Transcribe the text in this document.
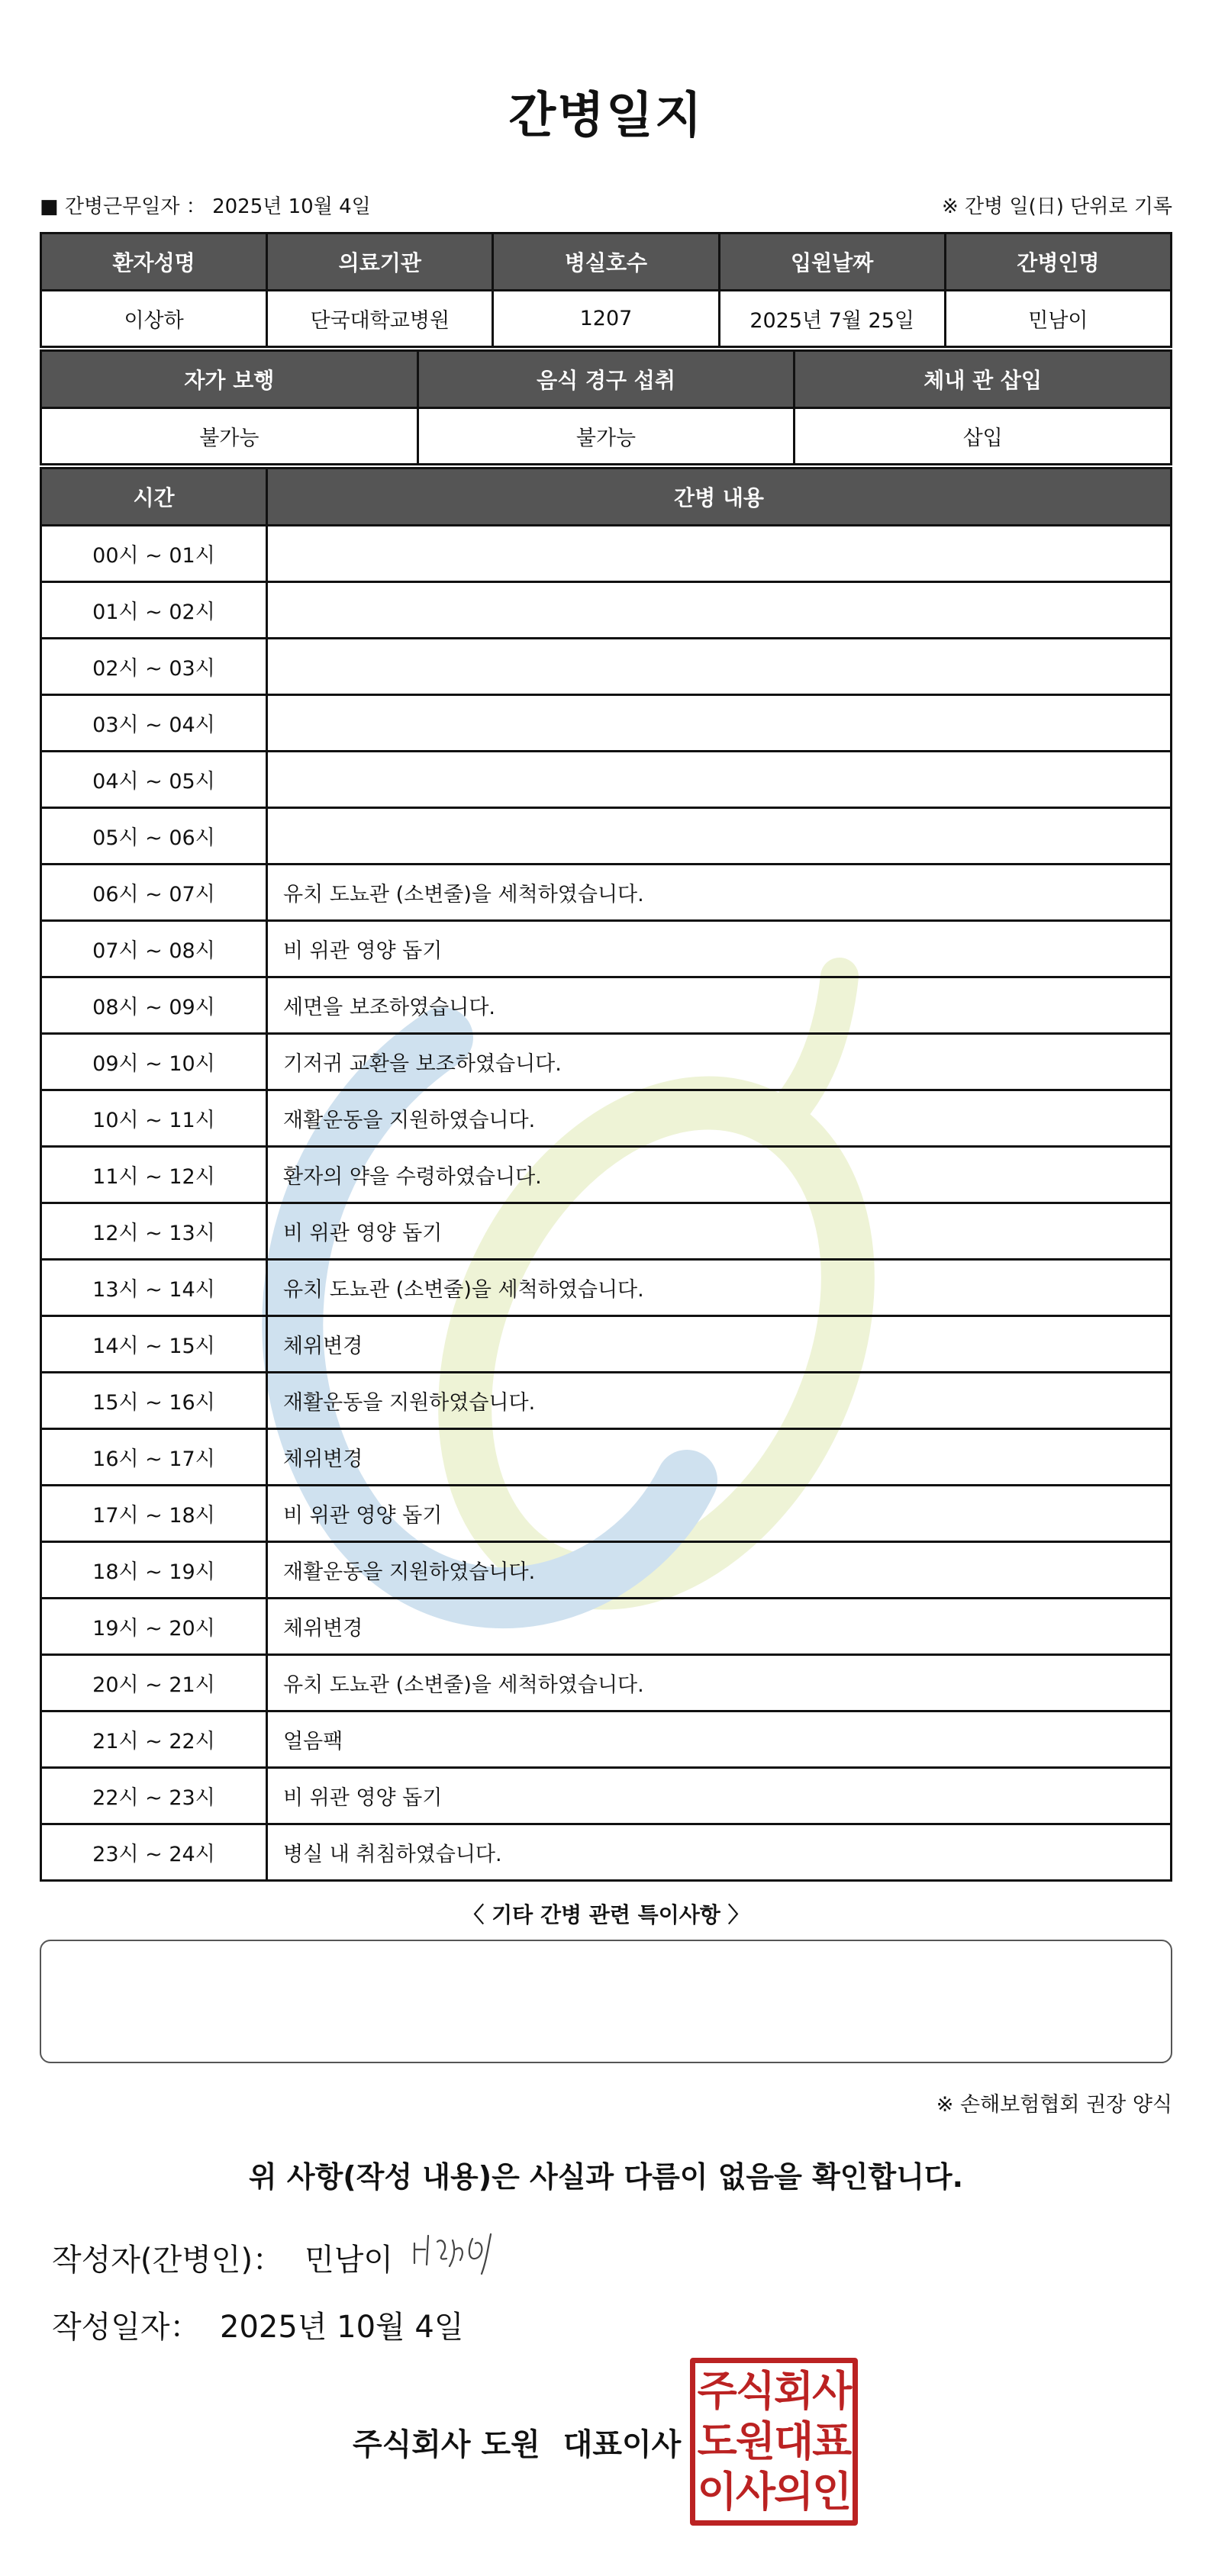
간병일지
■ 간병근무일자 ： 2025년 10월 4일	※ 간병 일(日) 단위로 기록
환자성명	의료기관	병실호수	입원날짜	간병인명
이상하	단국대학교병원	1207	2025년 7월 25일	민남이
자가 보행	음식 경구 섭취	체내 관 삽입
불가능	불가능	삽입
시간	간병 내용
00시 ~ 01시	
01시 ~ 02시	
02시 ~ 03시	
03시 ~ 04시	
04시 ~ 05시	
05시 ~ 06시	
06시 ~ 07시	유치 도뇨관 (소변줄)을 세척하였습니다.
07시 ~ 08시	비 위관 영양 돕기
08시 ~ 09시	세면을 보조하였습니다.
09시 ~ 10시	기저귀 교환을 보조하였습니다.
10시 ~ 11시	재활운동을 지원하였습니다.
11시 ~ 12시	환자의 약을 수령하였습니다.
12시 ~ 13시	비 위관 영양 돕기
13시 ~ 14시	유치 도뇨관 (소변줄)을 세척하였습니다.
14시 ~ 15시	체위변경
15시 ~ 16시	재활운동을 지원하였습니다.
16시 ~ 17시	체위변경
17시 ~ 18시	비 위관 영양 돕기
18시 ~ 19시	재활운동을 지원하였습니다.
19시 ~ 20시	체위변경
20시 ~ 21시	유치 도뇨관 (소변줄)을 세척하였습니다.
21시 ~ 22시	얼음팩
22시 ~ 23시	비 위관 영양 돕기
23시 ~ 24시	병실 내 취침하였습니다.
〈 기타 간병 관련 특이사항 〉
※ 손해보험협회 권장 양식
위 사항(작성 내용)은 사실과 다름이 없음을 확인합니다.
작성자(간병인)： 민남이
작성일자： 2025년 10월 4일
주식회사 도원 대표이사
주식회사
도원대표
이사의인
